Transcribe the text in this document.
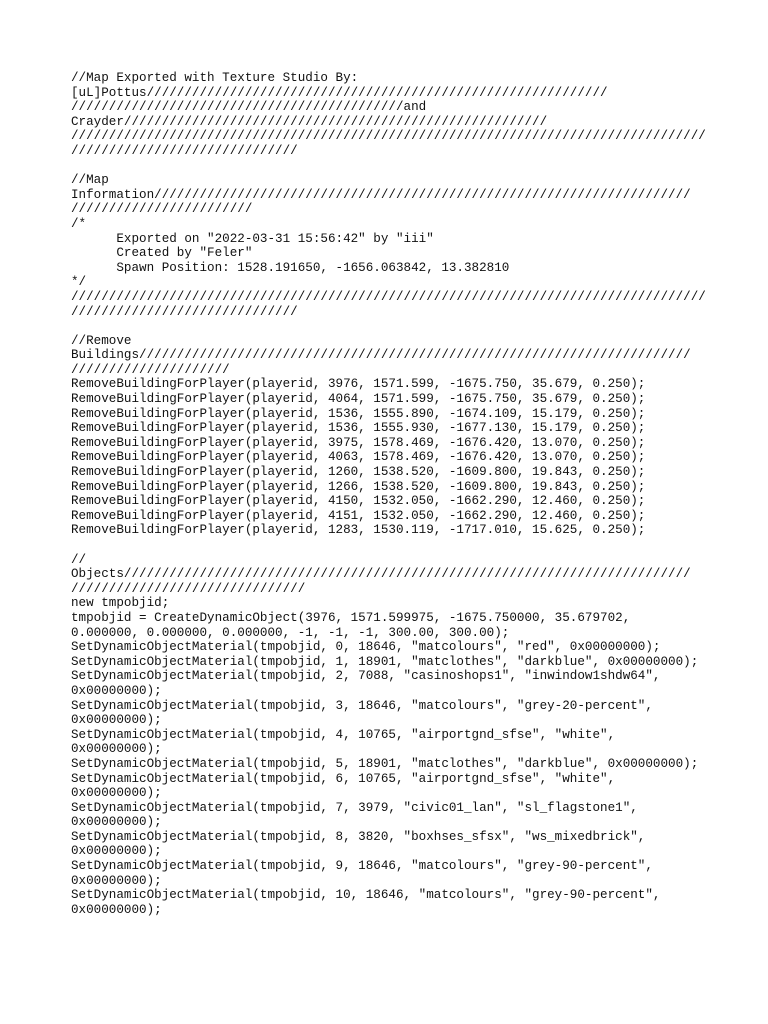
//Map Exported with Texture Studio By:
[uL]Pottus/////////////////////////////////////////////////////////////
////////////////////////////////////////////and
Crayder////////////////////////////////////////////////////////
////////////////////////////////////////////////////////////////////////////////////
//////////////////////////////
//Map
Information///////////////////////////////////////////////////////////////////////
////////////////////////
/*
Exported on "2022-03-31 15:56:42" by "iii"
Created by "Feler"
Spawn Position: 1528.191650, -1656.063842, 13.382810
*/
////////////////////////////////////////////////////////////////////////////////////
//////////////////////////////
//Remove
Buildings/////////////////////////////////////////////////////////////////////////
/////////////////////
RemoveBuildingForPlayer(playerid, 3976, 1571.599, -1675.750, 35.679, 0.250);
RemoveBuildingForPlayer(playerid, 4064, 1571.599, -1675.750, 35.679, 0.250);
RemoveBuildingForPlayer(playerid, 1536, 1555.890, -1674.109, 15.179, 0.250);
RemoveBuildingForPlayer(playerid, 1536, 1555.930, -1677.130, 15.179, 0.250);
RemoveBuildingForPlayer(playerid, 3975, 1578.469, -1676.420, 13.070, 0.250);
RemoveBuildingForPlayer(playerid, 4063, 1578.469, -1676.420, 13.070, 0.250);
RemoveBuildingForPlayer(playerid, 1260, 1538.520, -1609.800, 19.843, 0.250);
RemoveBuildingForPlayer(playerid, 1266, 1538.520, -1609.800, 19.843, 0.250);
RemoveBuildingForPlayer(playerid, 4150, 1532.050, -1662.290, 12.460, 0.250);
RemoveBuildingForPlayer(playerid, 4151, 1532.050, -1662.290, 12.460, 0.250);
RemoveBuildingForPlayer(playerid, 1283, 1530.119, -1717.010, 15.625, 0.250);
//
Objects///////////////////////////////////////////////////////////////////////////
///////////////////////////////
new tmpobjid;
tmpobjid = CreateDynamicObject(3976, 1571.599975, -1675.750000, 35.679702,
0.000000, 0.000000, 0.000000, -1, -1, -1, 300.00, 300.00);
SetDynamicObjectMaterial(tmpobjid, 0, 18646, "matcolours", "red", 0x00000000);
SetDynamicObjectMaterial(tmpobjid, 1, 18901, "matclothes", "darkblue", 0x00000000);
SetDynamicObjectMaterial(tmpobjid, 2, 7088, "casinoshops1", "inwindow1shdw64",
0x00000000);
SetDynamicObjectMaterial(tmpobjid, 3, 18646, "matcolours", "grey-20-percent",
0x00000000);
SetDynamicObjectMaterial(tmpobjid, 4, 10765, "airportgnd_sfse", "white",
0x00000000);
SetDynamicObjectMaterial(tmpobjid, 5, 18901, "matclothes", "darkblue", 0x00000000);
SetDynamicObjectMaterial(tmpobjid, 6, 10765, "airportgnd_sfse", "white",
0x00000000);
SetDynamicObjectMaterial(tmpobjid, 7, 3979, "civic01_lan", "sl_flagstone1",
0x00000000);
SetDynamicObjectMaterial(tmpobjid, 8, 3820, "boxhses_sfsx", "ws_mixedbrick",
0x00000000);
SetDynamicObjectMaterial(tmpobjid, 9, 18646, "matcolours", "grey-90-percent",
0x00000000);
SetDynamicObjectMaterial(tmpobjid, 10, 18646, "matcolours", "grey-90-percent",
0x00000000);
